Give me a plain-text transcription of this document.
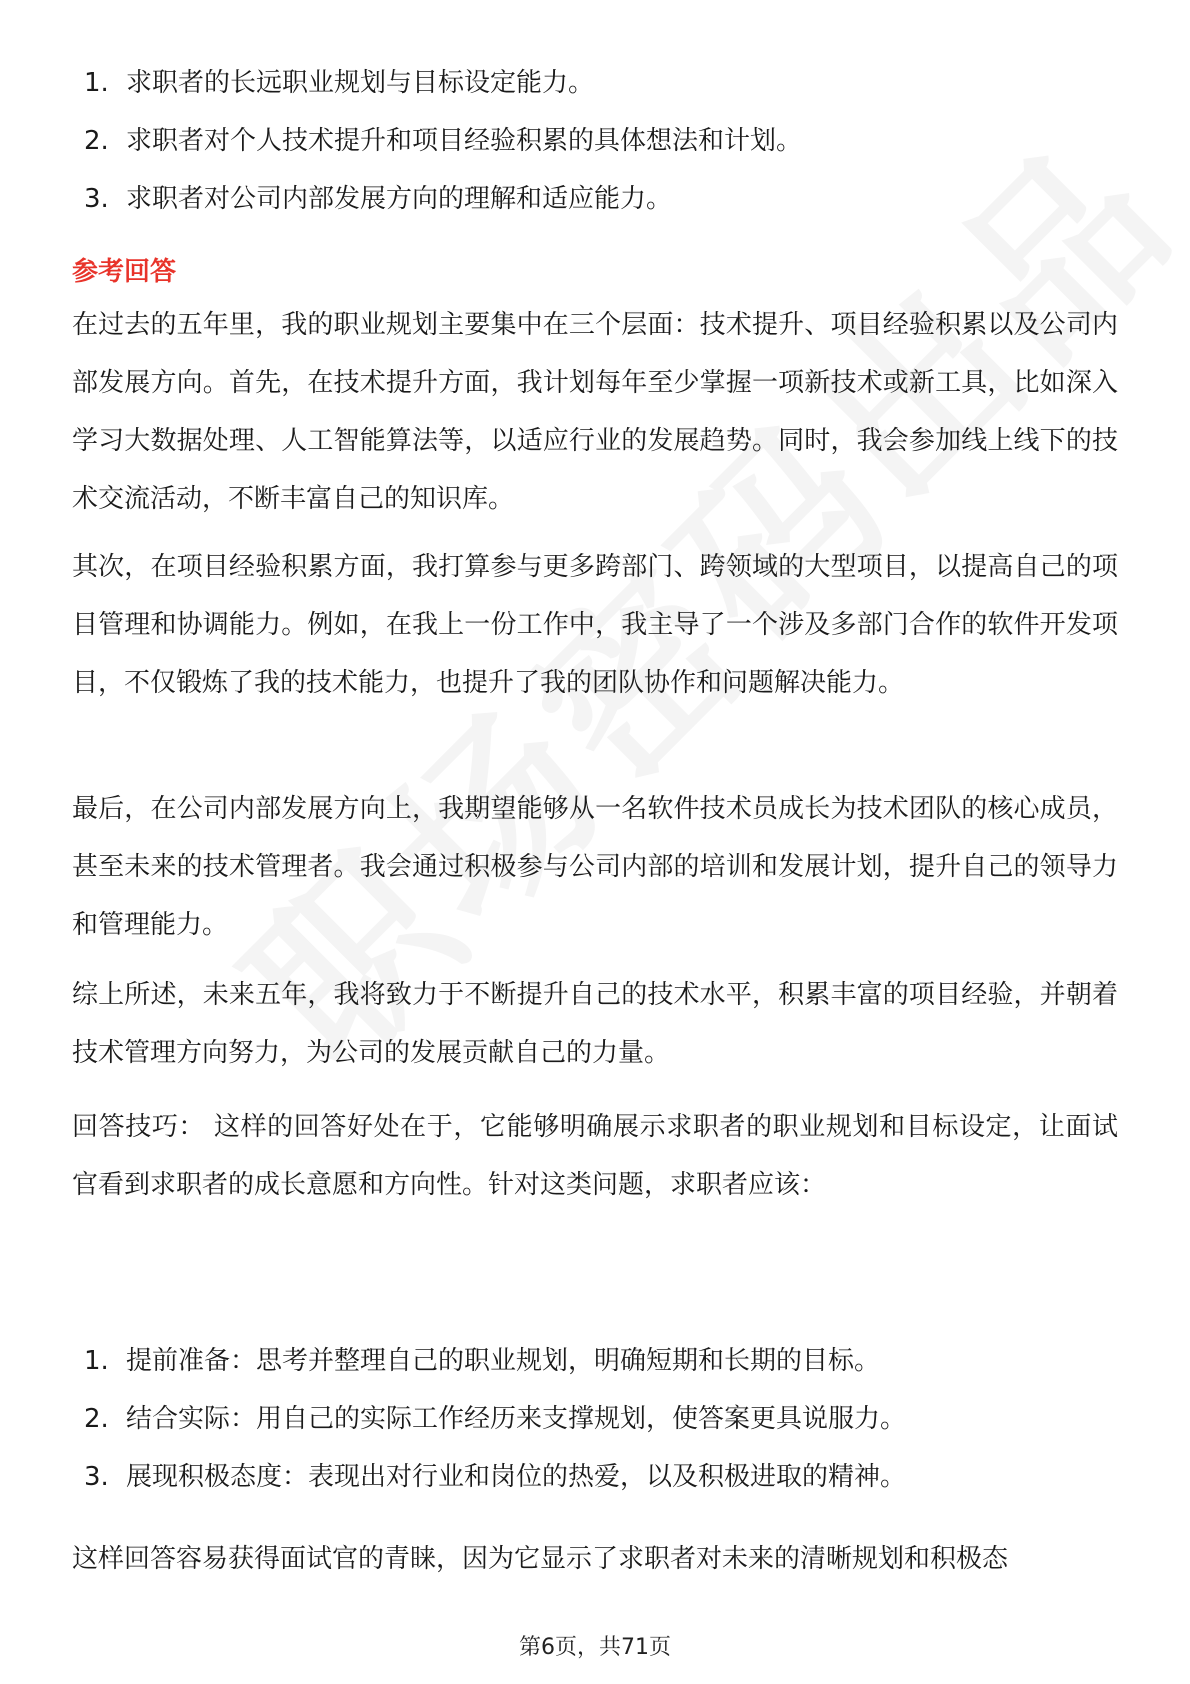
1. 求职者的长远职业规划与目标设定能力。
2. 求职者对个人技术提升和项目经验积累的具体想法和计划。
3. 求职者对公司内部发展方向的理解和适应能力。
参考回答

在过去的五年里，我的职业规划主要集中在三个层面：技术提升、项目经验积累以及公司内部发展方向。首先，在技术提升方面，我计划每年至少掌握一项新技术或新工具，比如深入学习大数据处理、人工智能算法等，以适应行业的发展趋势。同时，我会参加线上线下的技术交流活动，不断丰富自己的知识库。

其次，在项目经验积累方面，我打算参与更多跨部门、跨领域的大型项目，以提高自己的项目管理和协调能力。例如，在我上一份工作中，我主导了一个涉及多部门合作的软件开发项目，不仅锻炼了我的技术能力，也提升了我的团队协作和问题解决能力。

最后，在公司内部发展方向上，我期望能够从一名软件技术员成长为技术团队的核心成员，甚至未来的技术管理者。我会通过积极参与公司内部的培训和发展计划，提升自己的领导力和管理能力。

综上所述，未来五年，我将致力于不断提升自己的技术水平，积累丰富的项目经验，并朝着技术管理方向努力，为公司的发展贡献自己的力量。

回答技巧： 这样的回答好处在于，它能够明确展示求职者的职业规划和目标设定，让面试官看到求职者的成长意愿和方向性。针对这类问题，求职者应该：

1. 提前准备：思考并整理自己的职业规划，明确短期和长期的目标。
2. 结合实际：用自己的实际工作经历来支撑规划，使答案更具说服力。
3. 展现积极态度：表现出对行业和岗位的热爱，以及积极进取的精神。

这样回答容易获得面试官的青睐，因为它显示了求职者对未来的清晰规划和积极态

第6页，共71页
